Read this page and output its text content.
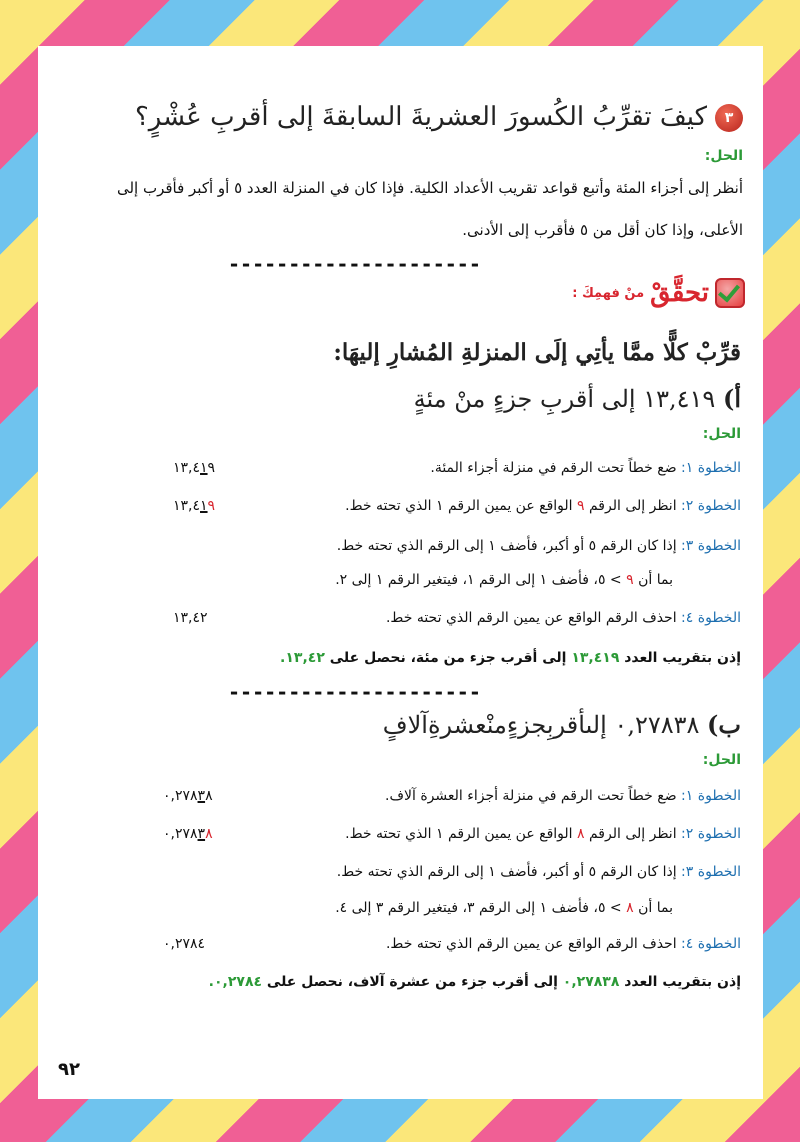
٣كيفَ تقرِّبُ الكُسورَ العشريةَ السابقةَ إلى أقربِ عُشْرٍ؟
الحل:
أنظر إلى أجزاء المئة وأتبع قواعد تقريب الأعداد الكلية. فإذا كان في المنزلة العدد ٥ أو أكبر فأقرب إلى
الأعلى، وإذا كان أقل من ٥ فأقرب إلى الأدنى.
---------------------
تحقَّقْ
منْ فهمِكَ :
قرِّبْ كلًّا ممَّا يأتِي إلَى المنزلةِ المُشارِ إليهَا:
أ) ١٣,٤١٩ إلى أقربِ جزءٍ منْ مئةٍ
الحل:
الخطوة ١: ضع خطاً تحت الرقم في منزلة أجزاء المئة.
١٣,٤١٩
الخطوة ٢: انظر إلى الرقم ٩ الواقع عن يمين الرقم ١ الذي تحته خط.
١٣,٤١٩
الخطوة ٣: إذا كان الرقم ٥ أو أكبر، فأضف ١ إلى الرقم الذي تحته خط.
بما أن ٩ > ٥، فأضف ١ إلى الرقم ١، فيتغير الرقم ١ إلى ٢.
الخطوة ٤: احذف الرقم الواقع عن يمين الرقم الذي تحته خط.
١٣,٤٢
إذن بتقريب العدد ١٣,٤١٩ إلى أقرب جزء من مئة، نحصل على ١٣,٤٢.
---------------------
ب) ٠,٢٧٨٣٨ إلىأقربِجزءٍمنْعشرةِآلافٍ
الحل:
الخطوة ١: ضع خطاً تحت الرقم في منزلة أجزاء العشرة آلاف.
٠,٢٧٨٣٨
الخطوة ٢: انظر إلى الرقم ٨ الواقع عن يمين الرقم ١ الذي تحته خط.
٠,٢٧٨٣٨
الخطوة ٣: إذا كان الرقم ٥ أو أكبر، فأضف ١ إلى الرقم الذي تحته خط.
بما أن ٨ > ٥، فأضف ١ إلى الرقم ٣، فيتغير الرقم ٣ إلى ٤.
الخطوة ٤: احذف الرقم الواقع عن يمين الرقم الذي تحته خط.
٠,٢٧٨٤
إذن بتقريب العدد ٠,٢٧٨٣٨ إلى أقرب جزء من عشرة آلاف، نحصل على ٠,٢٧٨٤.
٩٢
